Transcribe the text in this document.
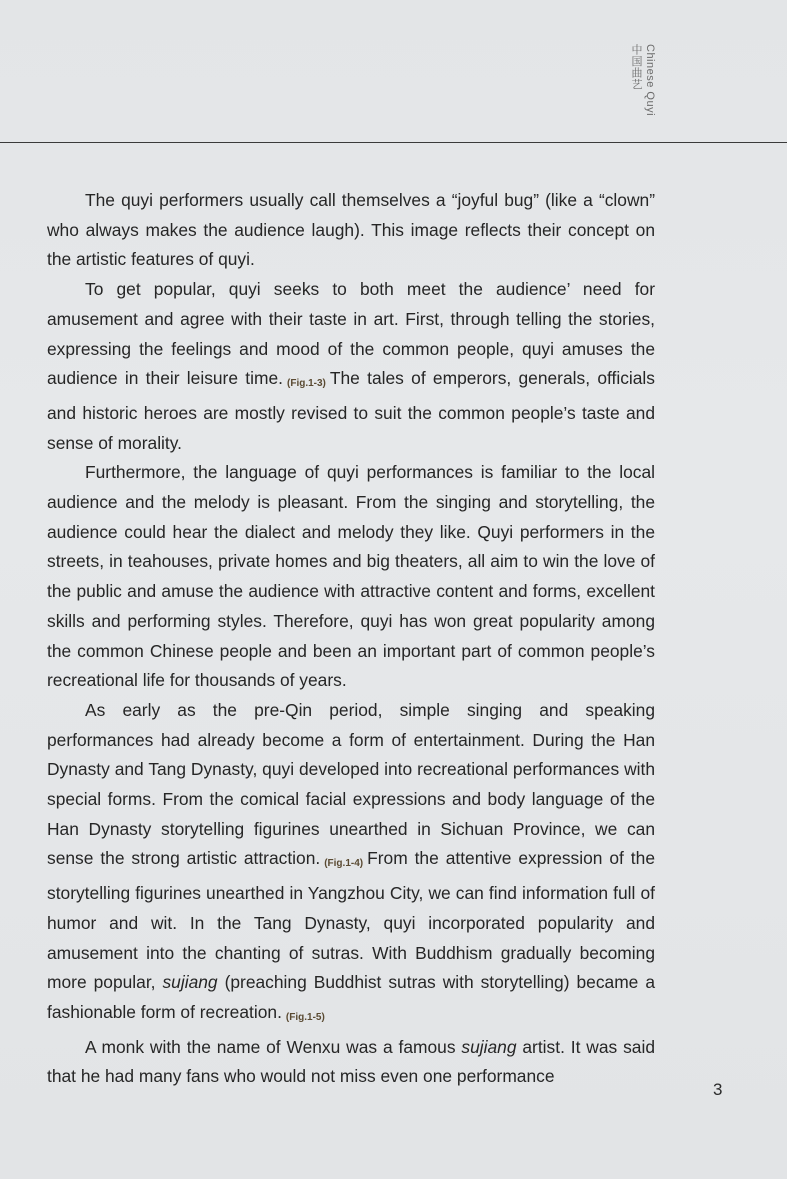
Chinese Quyi
中国曲艺

The quyi performers usually call themselves a “joyful bug” (like a “clown” who always makes the audience laugh). This image reflects their concept on the artistic features of quyi.

To get popular, quyi seeks to both meet the audience’ need for amusement and agree with their taste in art. First, through telling the stories, expressing the feelings and mood of the common people, quyi amuses the audience in their leisure time. (Fig.1-3) The tales of emperors, generals, officials and historic heroes are mostly revised to suit the common people’s taste and sense of morality.

Furthermore, the language of quyi performances is familiar to the local audience and the melody is pleasant. From the singing and storytelling, the audience could hear the dialect and melody they like. Quyi performers in the streets, in teahouses, private homes and big theaters, all aim to win the love of the public and amuse the audience with attractive content and forms, excellent skills and performing styles. Therefore, quyi has won great popularity among the common Chinese people and been an important part of common people’s recreational life for thousands of years.

As early as the pre-Qin period, simple singing and speaking performances had already become a form of entertainment. During the Han Dynasty and Tang Dynasty, quyi developed into recreational performances with special forms. From the comical facial expressions and body language of the Han Dynasty storytelling figurines unearthed in Sichuan Province, we can sense the strong artistic attraction. (Fig.1-4) From the attentive expression of the storytelling figurines unearthed in Yangzhou City, we can find information full of humor and wit. In the Tang Dynasty, quyi incorporated popularity and amusement into the chanting of sutras. With Buddhism gradually becoming more popular, sujiang (preaching Buddhist sutras with storytelling) became a fashionable form of recreation. (Fig.1-5)

A monk with the name of Wenxu was a famous sujiang artist. It was said that he had many fans who would not miss even one performance

3
